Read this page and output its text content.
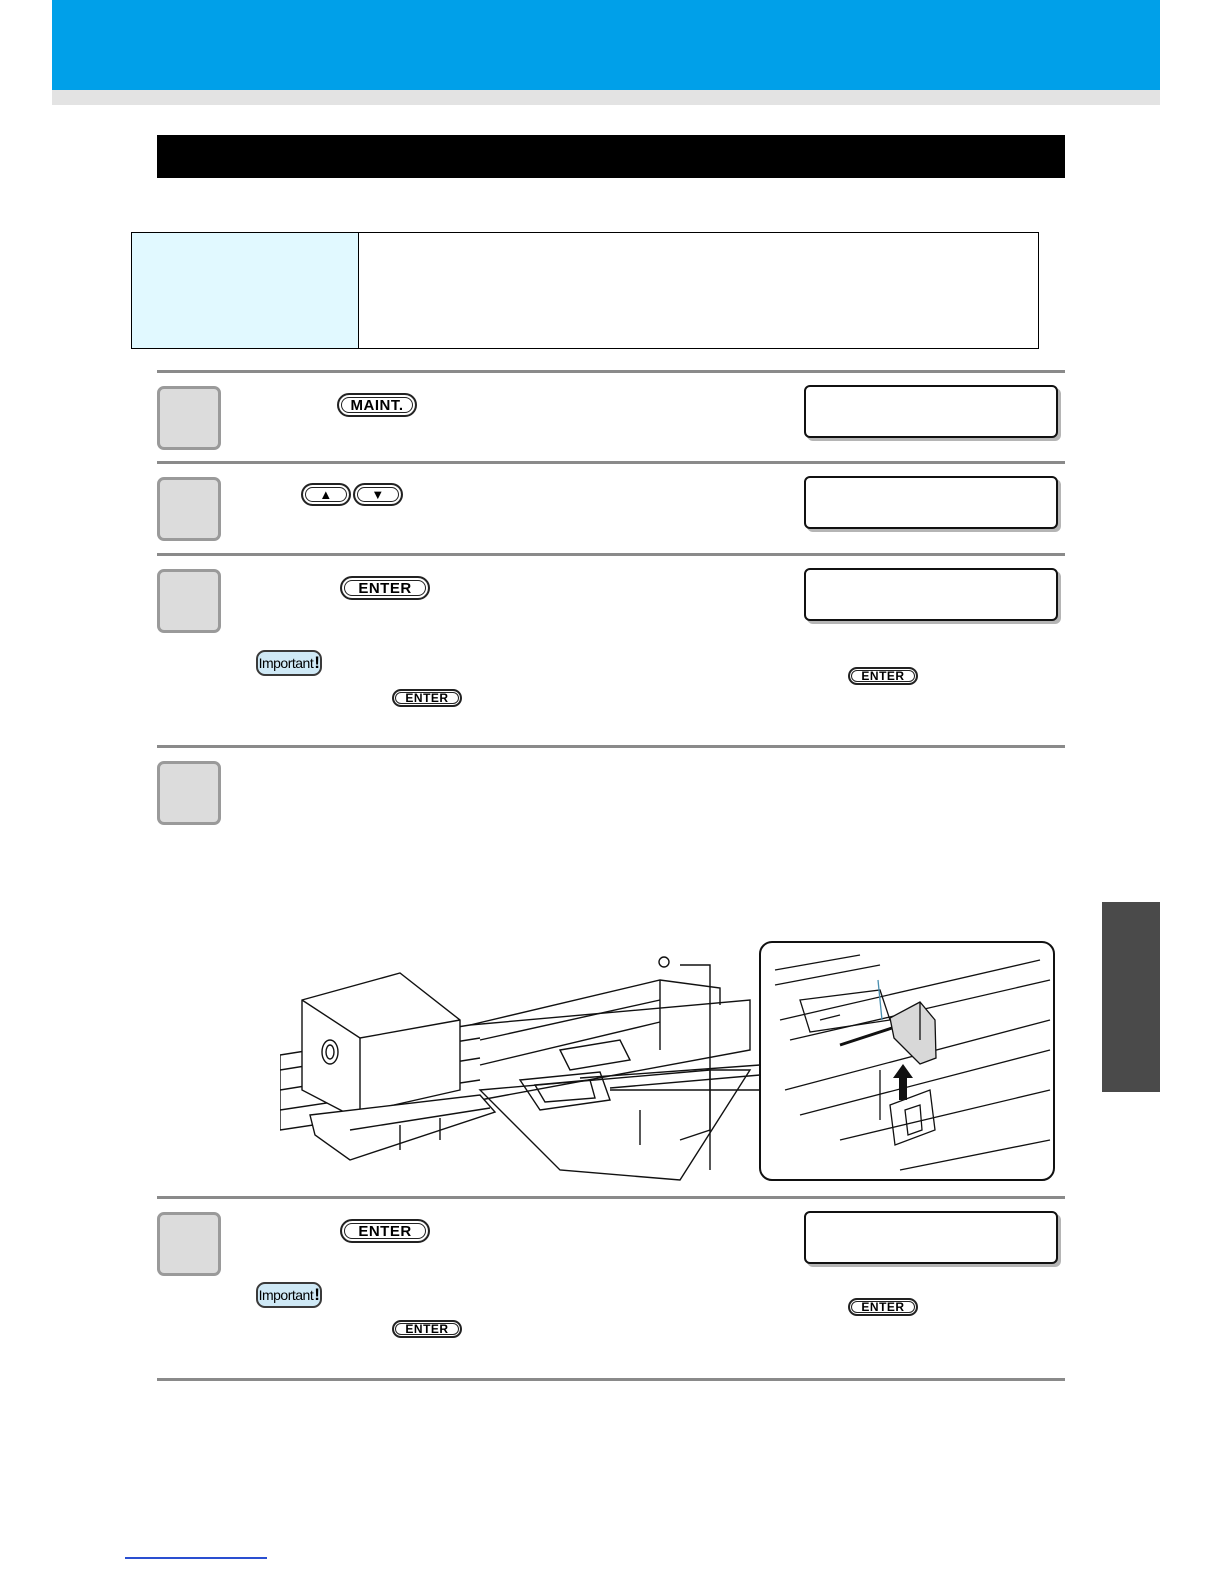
MAINT.
▲	▼
ENTER
Important !
ENTER
ENTER
ENTER
Important !
ENTER
ENTER
